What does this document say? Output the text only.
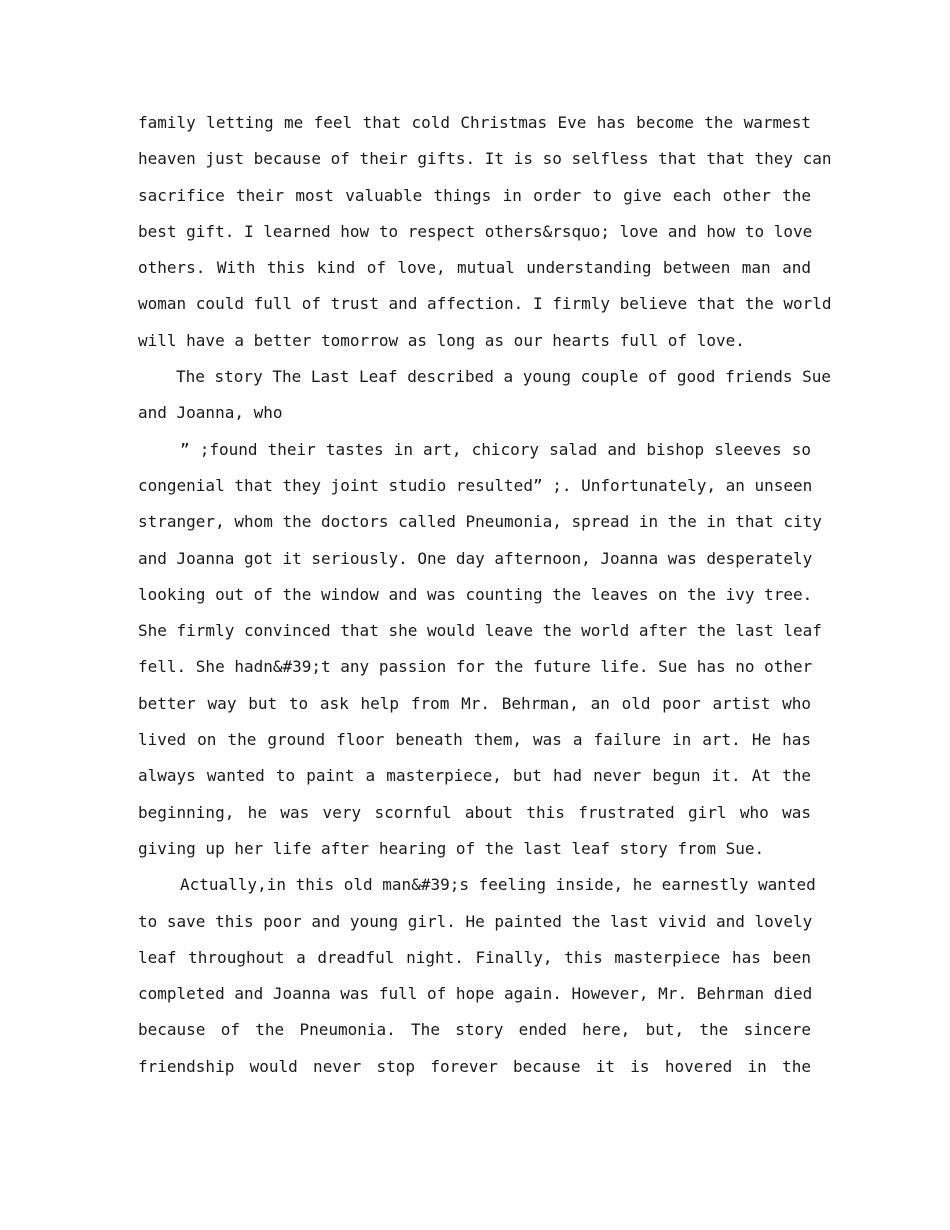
family letting me feel that cold Christmas Eve has become the warmest
heaven just because of their gifts. It is so selfless that that they can
sacrifice their most valuable things in order to give each other the
best gift. I learned how to respect others&rsquo; love and how to love
others. With this kind of love, mutual understanding between man and
woman could full of trust and affection. I firmly believe that the world
will have a better tomorrow as long as our hearts full of love.
The story The Last Leaf described a young couple of good friends Sue
and Joanna, who
” ;found their tastes in art, chicory salad and bishop sleeves so
congenial that they joint studio resulted” ;. Unfortunately, an unseen
stranger, whom the doctors called Pneumonia, spread in the in that city
and Joanna got it seriously. One day afternoon, Joanna was desperately
looking out of the window and was counting the leaves on the ivy tree.
She firmly convinced that she would leave the world after the last leaf
fell. She hadn&#39;t any passion for the future life. Sue has no other
better way but to ask help from Mr. Behrman, an old poor artist who
lived on the ground floor beneath them, was a failure in art. He has
always wanted to paint a masterpiece, but had never begun it. At the
beginning, he was very scornful about this frustrated girl who was
giving up her life after hearing of the last leaf story from Sue.
Actually,in this old man&#39;s feeling inside, he earnestly wanted
to save this poor and young girl. He painted the last vivid and lovely
leaf throughout a dreadful night. Finally, this masterpiece has been
completed and Joanna was full of hope again. However, Mr. Behrman died
because of the Pneumonia. The story ended here, but, the sincere
friendship would never stop forever because it is hovered in the
